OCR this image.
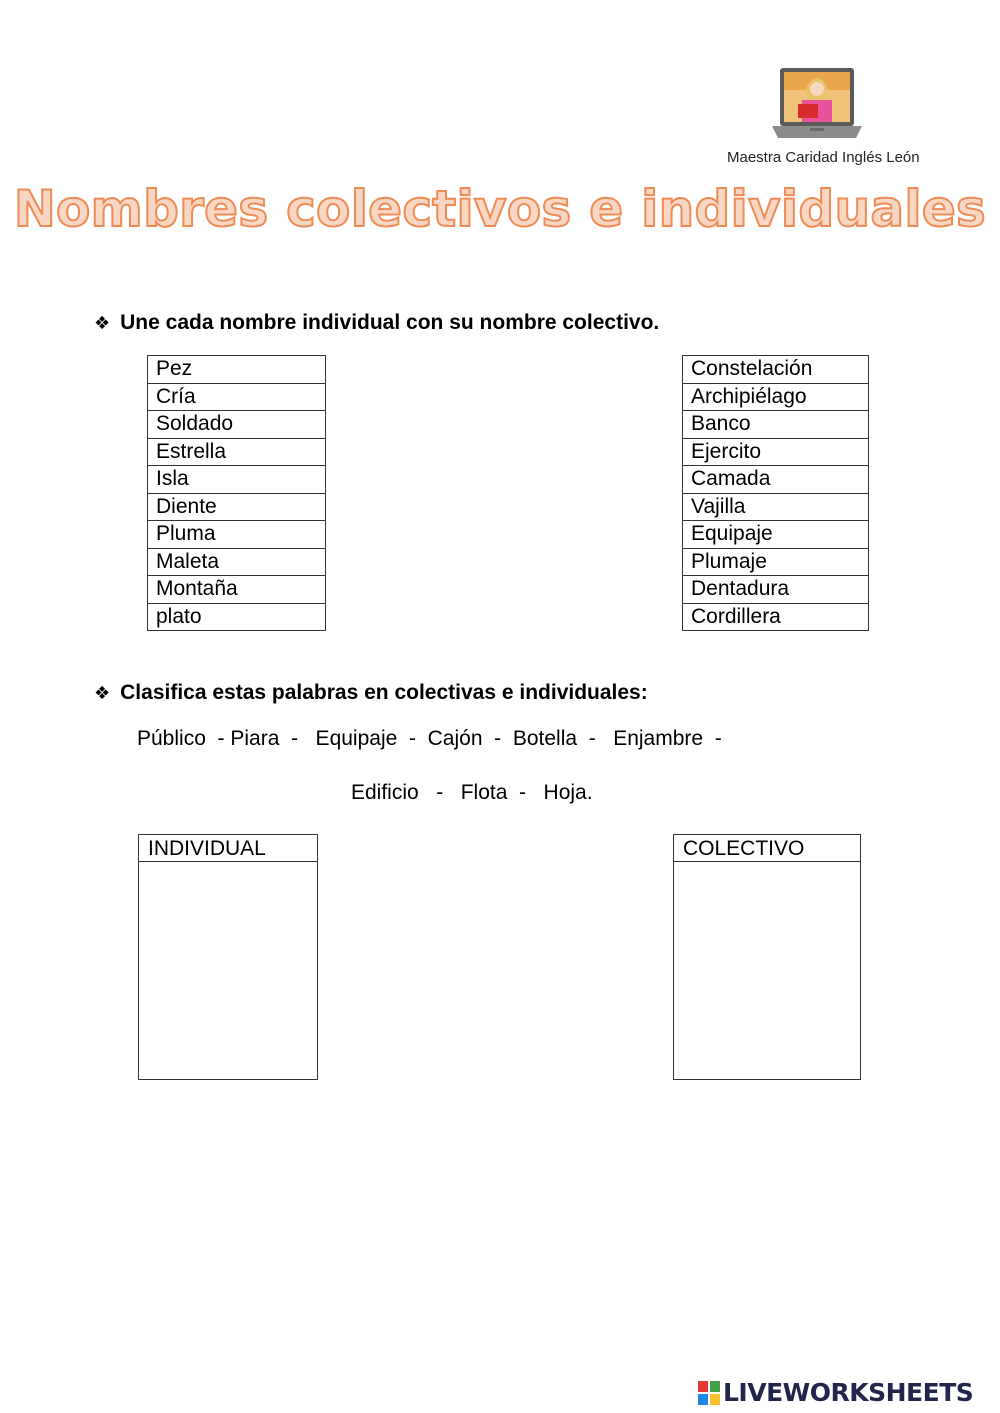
Maestra Caridad Inglés León
Nombres colectivos e individuales
❖ Une cada nombre individual con su nombre colectivo.
Pez
Cría
Soldado
Estrella
Isla
Diente
Pluma
Maleta
Montaña
plato
Constelación
Archipiélago
Banco
Ejercito
Camada
Vajilla
Equipaje
Plumaje
Dentadura
Cordillera
❖ Clasifica estas palabras en colectivas e individuales:
Público  - Piara  -   Equipaje  -  Cajón  -  Botella  -   Enjambre  -
Edificio   -   Flota  -   Hoja.
INDIVIDUAL	COLECTIVO
LIVEWORKSHEETS
